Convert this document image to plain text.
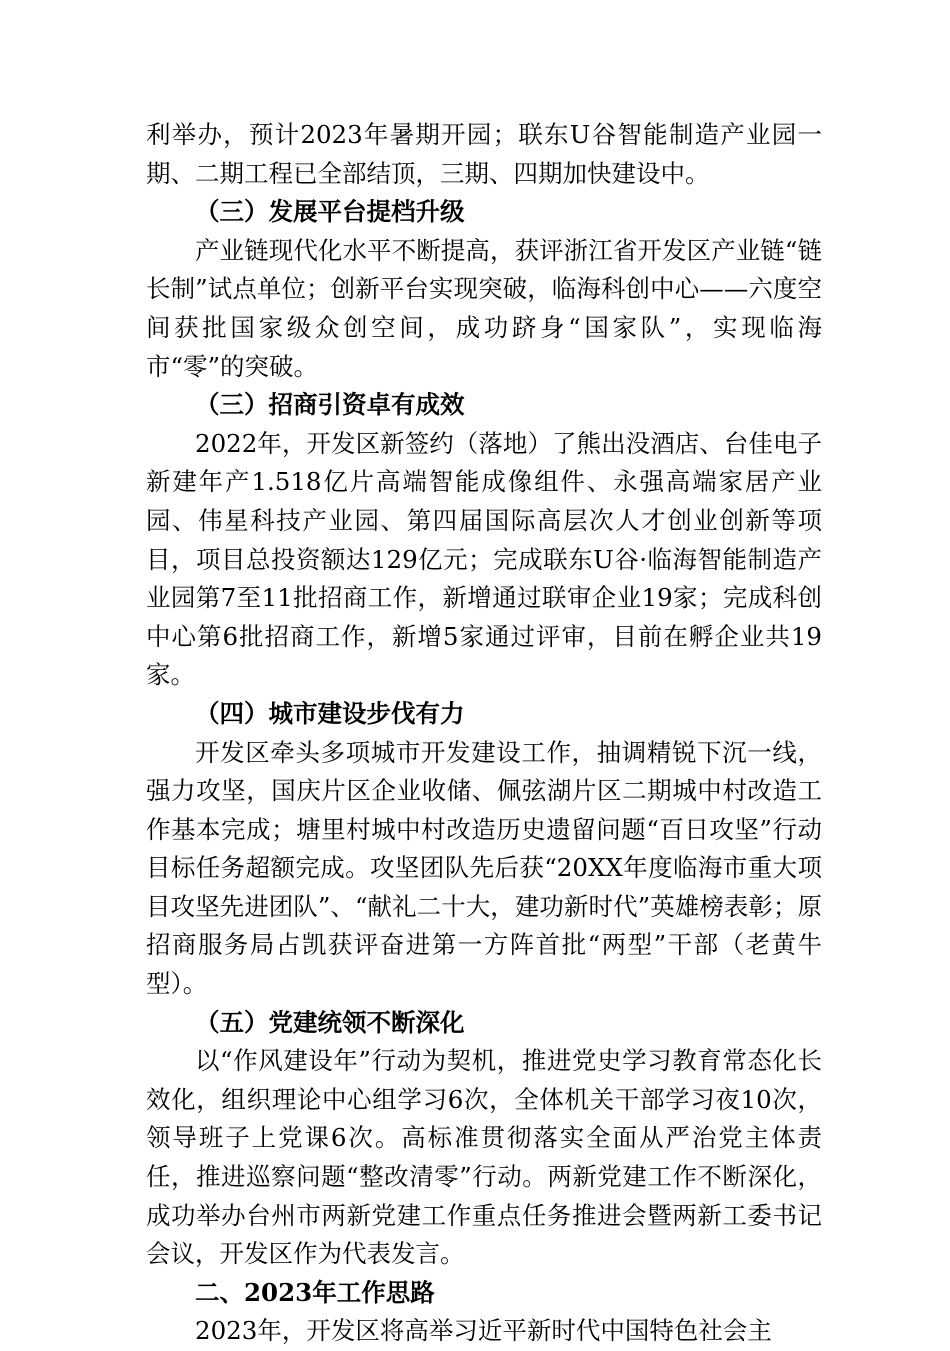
利举办，预计2023年暑期开园；联东U谷智能制造产业园一期、二期工程已全部结顶，三期、四期加快建设中。

（三）发展平台提档升级

产业链现代化水平不断提高，获评浙江省开发区产业链“链长制”试点单位；创新平台实现突破，临海科创中心——六度空间获批国家级众创空间，成功跻身“国家队”，实现临海市“零”的突破。

（三）招商引资卓有成效

2022年，开发区新签约（落地）了熊出没酒店、台佳电子新建年产1.518亿片高端智能成像组件、永强高端家居产业园、伟星科技产业园、第四届国际高层次人才创业创新等项目，项目总投资额达129亿元；完成联东U谷·临海智能制造产业园第7至11批招商工作，新增通过联审企业19家；完成科创中心第6批招商工作，新增5家通过评审，目前在孵企业共19家。

（四）城市建设步伐有力

开发区牵头多项城市开发建设工作，抽调精锐下沉一线，强力攻坚，国庆片区企业收储、佩弦湖片区二期城中村改造工作基本完成；塘里村城中村改造历史遗留问题“百日攻坚”行动目标任务超额完成。攻坚团队先后获“20XX年度临海市重大项目攻坚先进团队”、“献礼二十大，建功新时代”英雄榜表彰；原招商服务局占凯获评奋进第一方阵首批“两型”干部（老黄牛型）。

（五）党建统领不断深化

以“作风建设年”行动为契机，推进党史学习教育常态化长效化，组织理论中心组学习6次，全体机关干部学习夜10次，领导班子上党课6次。高标准贯彻落实全面从严治党主体责任，推进巡察问题“整改清零”行动。两新党建工作不断深化，成功举办台州市两新党建工作重点任务推进会暨两新工委书记会议，开发区作为代表发言。

二、2023年工作思路

2023年，开发区将高举习近平新时代中国特色社会主
